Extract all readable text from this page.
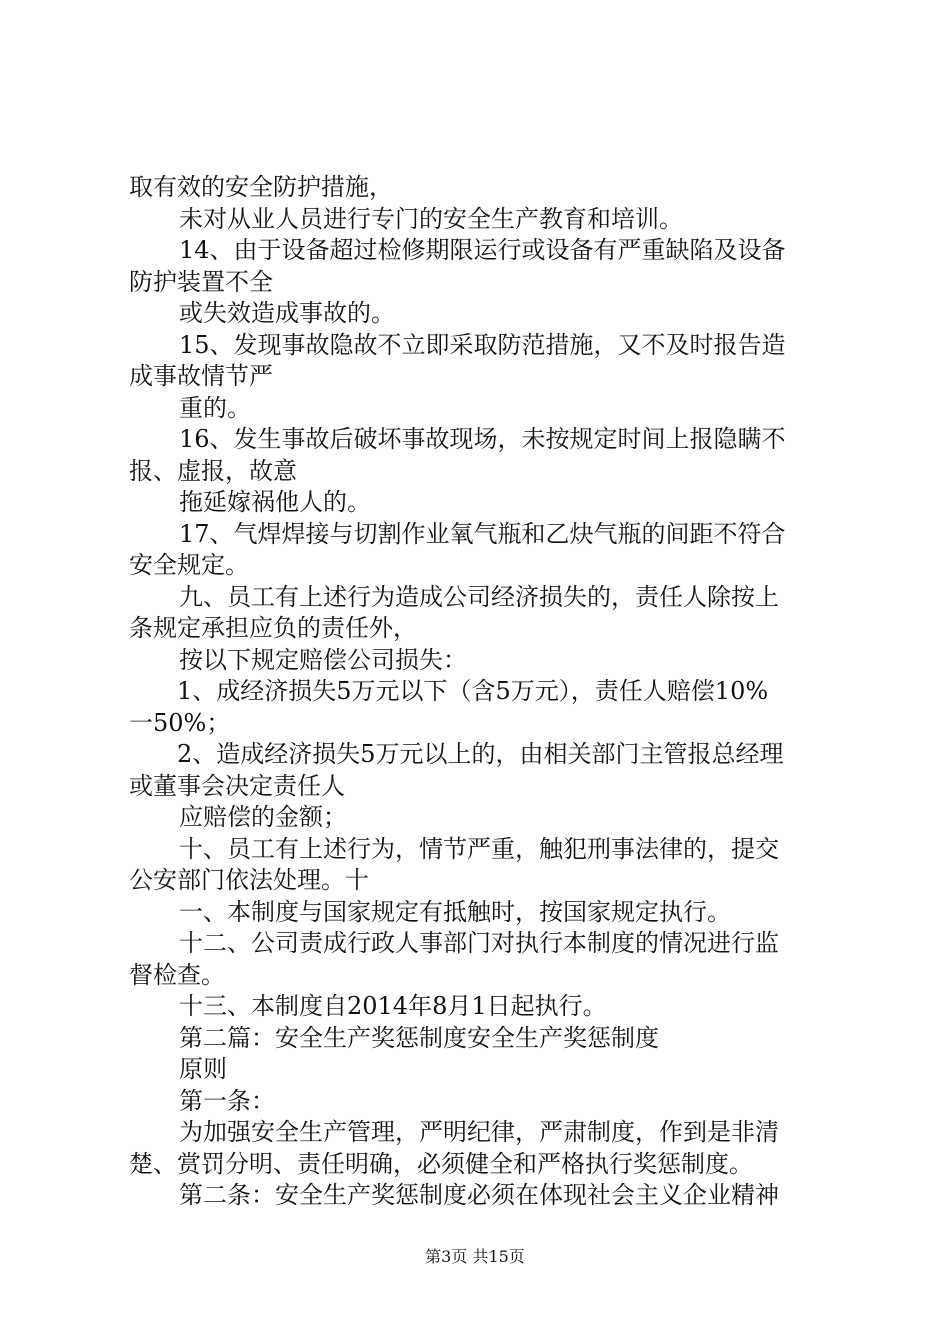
取有效的安全防护措施，
未对从业人员进行专门的安全生产教育和培训。
14、由于设备超过检修期限运行或设备有严重缺陷及设备
防护装置不全
或失效造成事故的。
15、发现事故隐故不立即采取防范措施，又不及时报告造
成事故情节严
重的。
16、发生事故后破坏事故现场，未按规定时间上报隐瞒不
报、虚报，故意
拖延嫁祸他人的。
17、气焊焊接与切割作业氧气瓶和乙炔气瓶的间距不符合
安全规定。
九、员工有上述行为造成公司经济损失的，责任人除按上
条规定承担应负的责任外，
按以下规定赔偿公司损失：
1、成经济损失5万元以下（含5万元），责任人赔偿10%
一50%；
2、造成经济损失5万元以上的，由相关部门主管报总经理
或董事会决定责任人
应赔偿的金额；
十、员工有上述行为，情节严重，触犯刑事法律的，提交
公安部门依法处理。十
一、本制度与国家规定有抵触时，按国家规定执行。
十二、公司责成行政人事部门对执行本制度的情况进行监
督检查。
十三、本制度自2014年8月1日起执行。
第二篇：安全生产奖惩制度安全生产奖惩制度
原则
第一条：
为加强安全生产管理，严明纪律，严肃制度，作到是非清
楚、赏罚分明、责任明确，必须健全和严格执行奖惩制度。
第二条：安全生产奖惩制度必须在体现社会主义企业精神
第3页 共15页
